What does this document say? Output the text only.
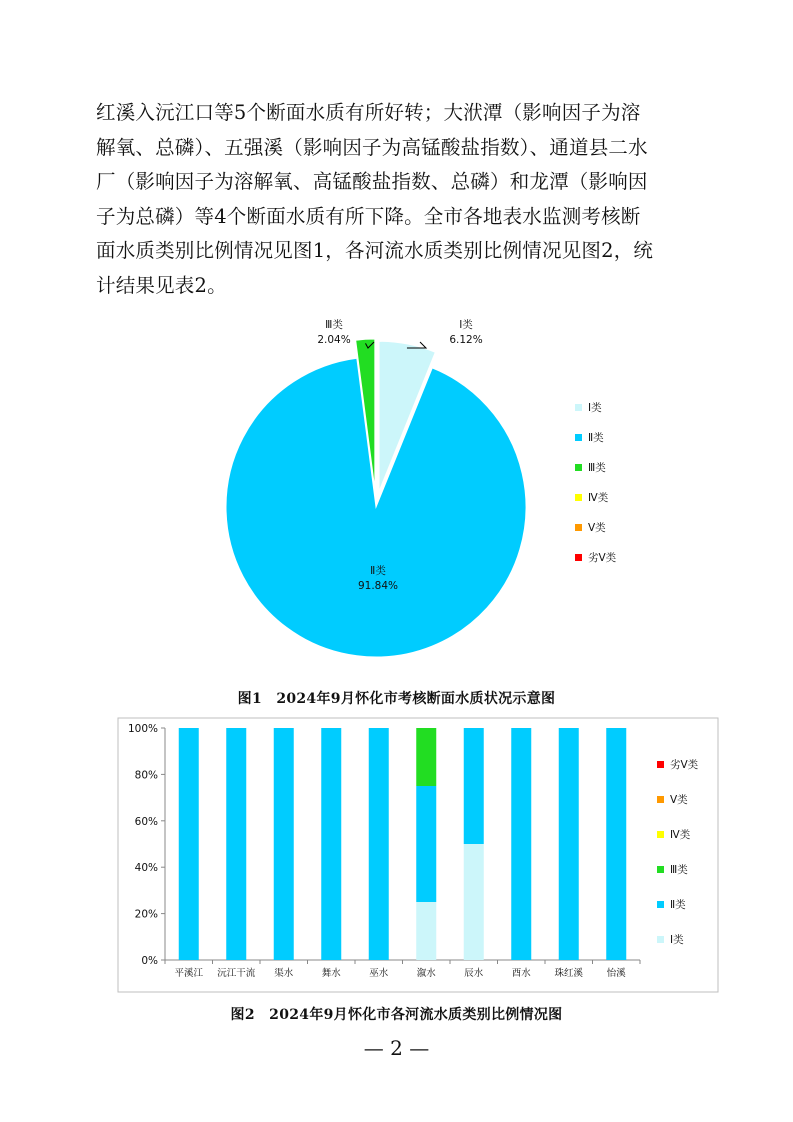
红溪入沅江口等5个断面水质有所好转；大洑潭（影响因子为溶

解氧、总磷）、五强溪（影响因子为高锰酸盐指数）、通道县二水

厂（影响因子为溶解氧、高锰酸盐指数、总磷）和龙潭（影响因

子为总磷）等4个断面水质有所下降。全市各地表水监测考核断

面水质类别比例情况见图1，各河流水质类别比例情况见图2，统

计结果见表2。

Ⅰ类
6.12%
Ⅱ类
91.84%
Ⅲ类
2.04%
Ⅰ类
Ⅱ类
Ⅲ类
Ⅳ类
Ⅴ类
劣Ⅴ类
图1　2024年9月怀化市考核断面水质状况示意图
0%
20%
40%
60%
80%
100%
平溪江 沅江干流 渠水	舞水	巫水	溆水	辰水	酉水 珠红溪 怡溪
劣Ⅴ类
Ⅴ类
Ⅳ类
Ⅲ类
Ⅱ类
Ⅰ类
图2　2024年9月怀化市各河流水质类别比例情况图
— 2 —
